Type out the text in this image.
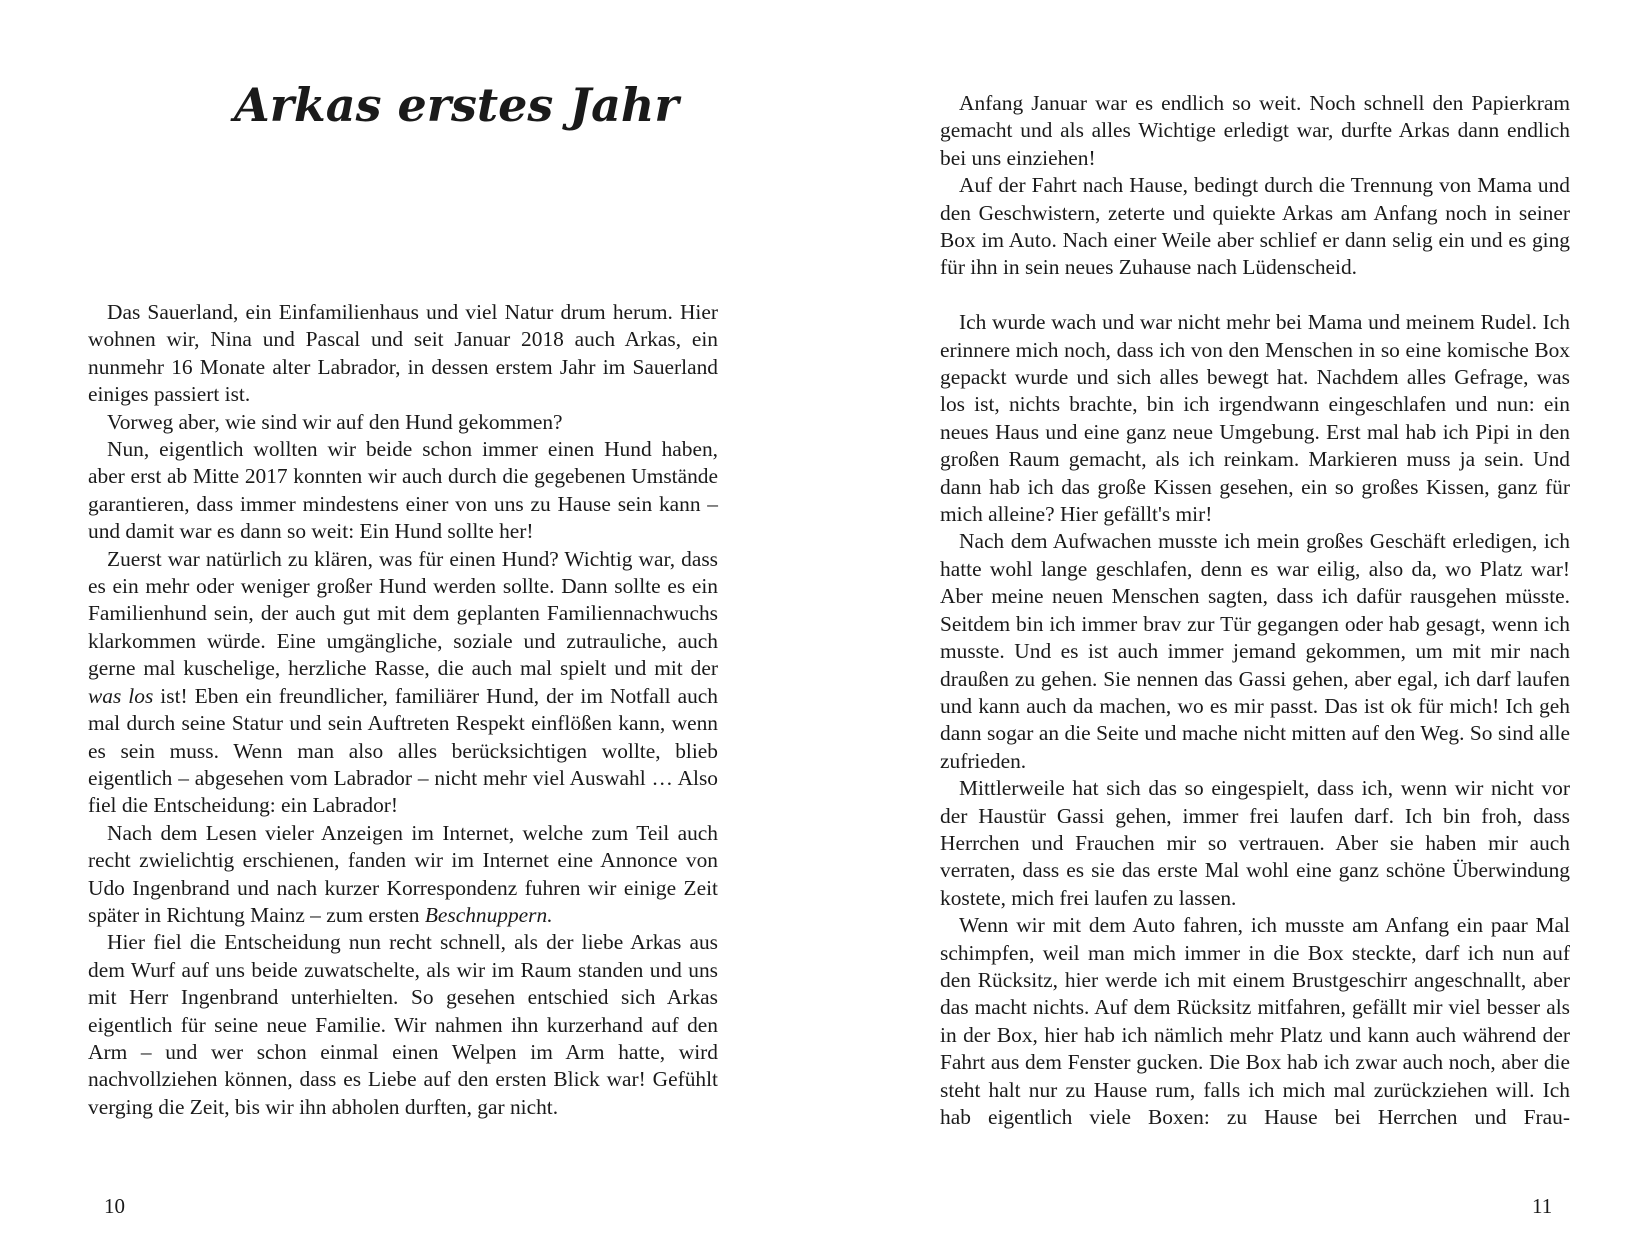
Arkas erstes Jahr

Das Sauerland, ein Einfamilienhaus und viel Natur drum herum. Hier wohnen wir, Nina und Pascal und seit Januar 2018 auch Arkas, ein nunmehr 16 Monate alter Labrador, in dessen erstem Jahr im Sauerland einiges passiert ist.

Vorweg aber, wie sind wir auf den Hund gekommen?

Nun, eigentlich wollten wir beide schon immer einen Hund haben, aber erst ab Mitte 2017 konnten wir auch durch die gegebenen Umstände garantieren, dass immer mindestens einer von uns zu Hause sein kann – und damit war es dann so weit: Ein Hund sollte her!

Zuerst war natürlich zu klären, was für einen Hund? Wichtig war, dass es ein mehr oder weniger großer Hund werden sollte. Dann sollte es ein Familienhund sein, der auch gut mit dem geplanten Familiennachwuchs klarkommen würde. Eine umgängliche, soziale und zutrauliche, auch gerne mal kuschelige, herzliche Rasse, die auch mal spielt und mit der was los ist! Eben ein freundlicher, familiärer Hund, der im Notfall auch mal durch seine Statur und sein Auftreten Respekt einflößen kann, wenn es sein muss. Wenn man also alles berücksichtigen wollte, blieb eigentlich – abgesehen vom Labrador – nicht mehr viel Auswahl … Also fiel die Entscheidung: ein Labrador!

Nach dem Lesen vieler Anzeigen im Internet, welche zum Teil auch recht zwielichtig erschienen, fanden wir im Internet eine Annonce von Udo Ingenbrand und nach kurzer Korrespondenz fuhren wir einige Zeit später in Richtung Mainz – zum ersten Beschnuppern.

Hier fiel die Entscheidung nun recht schnell, als der liebe Arkas aus dem Wurf auf uns beide zuwatschelte, als wir im Raum standen und uns mit Herr Ingenbrand unterhielten. So gesehen entschied sich Arkas eigentlich für seine neue Familie. Wir nahmen ihn kurzerhand auf den Arm – und wer schon einmal einen Welpen im Arm hatte, wird nachvollziehen können, dass es Liebe auf den ersten Blick war! Gefühlt verging die Zeit, bis wir ihn abholen durften, gar nicht.

10

Anfang Januar war es endlich so weit. Noch schnell den Papierkram gemacht und als alles Wichtige erledigt war, durfte Arkas dann endlich bei uns einziehen!

Auf der Fahrt nach Hause, bedingt durch die Trennung von Mama und den Geschwistern, zeterte und quiekte Arkas am Anfang noch in seiner Box im Auto. Nach einer Weile aber schlief er dann selig ein und es ging für ihn in sein neues Zuhause nach Lüdenscheid.

Ich wurde wach und war nicht mehr bei Mama und meinem Rudel. Ich erinnere mich noch, dass ich von den Menschen in so eine komische Box gepackt wurde und sich alles bewegt hat. Nachdem alles Gefrage, was los ist, nichts brachte, bin ich irgendwann eingeschlafen und nun: ein neues Haus und eine ganz neue Umgebung. Erst mal hab ich Pipi in den großen Raum gemacht, als ich reinkam. Markieren muss ja sein. Und dann hab ich das große Kissen gesehen, ein so großes Kissen, ganz für mich alleine? Hier gefällt's mir!

Nach dem Aufwachen musste ich mein großes Geschäft erledigen, ich hatte wohl lange geschlafen, denn es war eilig, also da, wo Platz war! Aber meine neuen Menschen sagten, dass ich dafür rausgehen müsste. Seitdem bin ich immer brav zur Tür gegangen oder hab gesagt, wenn ich musste. Und es ist auch immer jemand gekommen, um mit mir nach draußen zu gehen. Sie nennen das Gassi gehen, aber egal, ich darf laufen und kann auch da machen, wo es mir passt. Das ist ok für mich! Ich geh dann sogar an die Seite und mache nicht mitten auf den Weg. So sind alle zufrieden.

Mittlerweile hat sich das so eingespielt, dass ich, wenn wir nicht vor der Haustür Gassi gehen, immer frei laufen darf. Ich bin froh, dass Herrchen und Frauchen mir so vertrauen. Aber sie haben mir auch verraten, dass es sie das erste Mal wohl eine ganz schöne Überwindung kostete, mich frei laufen zu lassen.

Wenn wir mit dem Auto fahren, ich musste am Anfang ein paar Mal schimpfen, weil man mich immer in die Box steckte, darf ich nun auf den Rücksitz, hier werde ich mit einem Brustgeschirr angeschnallt, aber das macht nichts. Auf dem Rücksitz mitfahren, gefällt mir viel besser als in der Box, hier hab ich nämlich mehr Platz und kann auch während der Fahrt aus dem Fenster gucken. Die Box hab ich zwar auch noch, aber die steht halt nur zu Hause rum, falls ich mich mal zurückziehen will. Ich hab eigentlich viele Boxen: zu Hause bei Herrchen und Frau-

11
